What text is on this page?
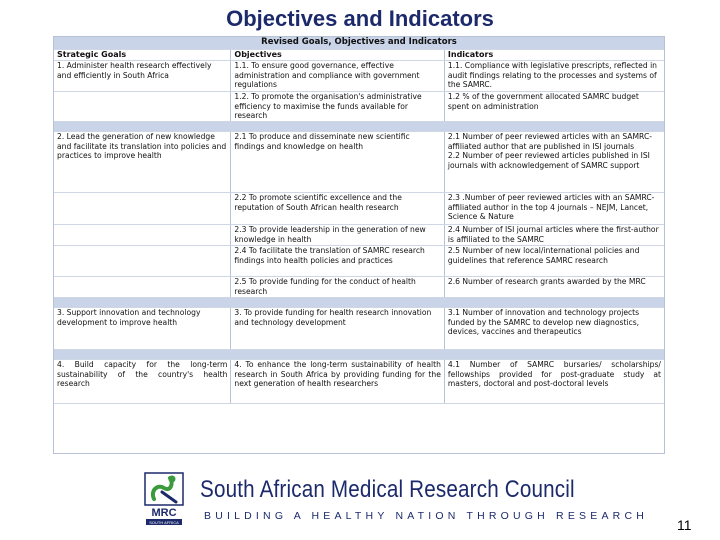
Objectives and Indicators
Revised Goals, Objectives and Indicators		
Strategic Goals	Objectives	Indicators
1. Administer health research effectively and efficiently in South Africa	1.1. To ensure good governance, effective administration and compliance with government regulations	1.1. Compliance with legislative prescripts, reflected in audit findings relating to the processes and systems of the SAMRC.
	1.2. To promote the organisation's administrative efficiency to maximise the funds available for research	1.2 % of the government allocated SAMRC budget spent on administration

2. Lead the generation of new knowledge and facilitate its translation into policies and practices to improve health	2.1 To produce and disseminate new scientific findings and knowledge on health	2.1 Number of peer reviewed articles with an SAMRC-affiliated author that are published in ISI journals
2.2 Number of peer reviewed articles published in ISI journals with acknowledgement of SAMRC support
	2.2 To promote scientific excellence and the reputation of South African health research	2.3 .Number of peer reviewed articles with an SAMRC-affiliated author in the top 4 journals – NEJM, Lancet, Science & Nature
	2.3 To provide leadership in the generation of new knowledge in health	2.4 Number of ISI journal articles where the first-author is affiliated to the SAMRC
	2.4 To facilitate the translation of SAMRC research findings into health policies and practices	2.5 Number of new local/international policies and guidelines that reference SAMRC research
	2.5 To provide funding for the conduct of health research	2.6 Number of research grants awarded by the MRC

3. Support innovation and technology development to improve health	3. To provide funding for health research innovation and technology development	3.1 Number of innovation and technology projects funded by the SAMRC to develop new diagnostics, devices, vaccines and therapeutics

4. Build capacity for the long-term sustainability of the country's health research	4. To enhance the long-term sustainability of health research in South Africa by providing funding for the next generation of health researchers	4.1 Number of SAMRC bursaries/ scholarships/ fellowships provided for post-graduate study at masters, doctoral and post-doctoral levels
MRC
SOUTH AFRICA
South African Medical Research Council
BUILDING A HEALTHY NATION THROUGH RESEARCH
11
